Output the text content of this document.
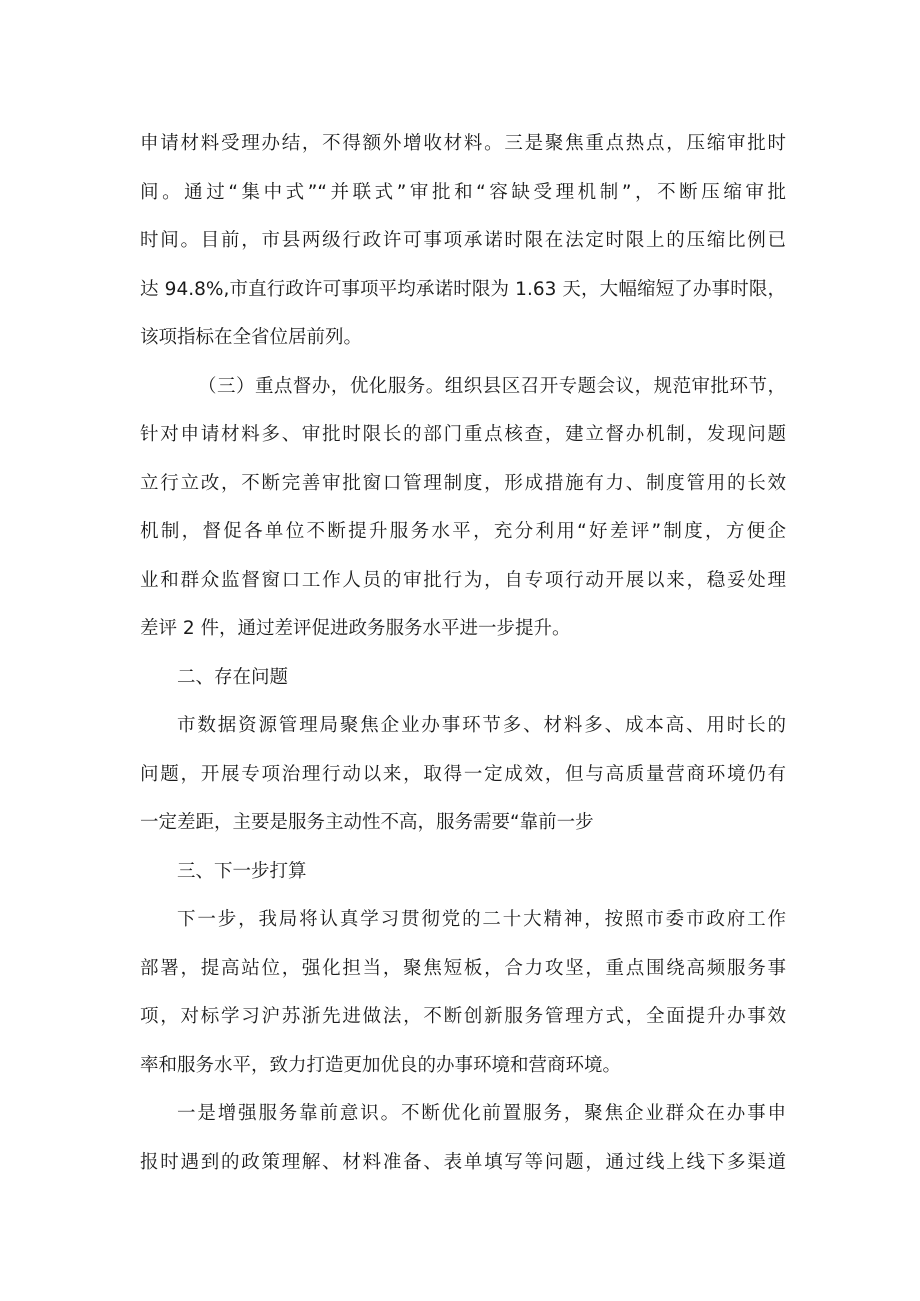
申请材料受理办结，不得额外增收材料。三是聚焦重点热点，压缩审批时
间。通过“集中式”“并联式”审批和“容缺受理机制”，不断压缩审批
时间。目前，市县两级行政许可事项承诺时限在法定时限上的压缩比例已
达 94.8%,市直行政许可事项平均承诺时限为 1.63 天，大幅缩短了办事时限，
该项指标在全省位居前列。
（三）重点督办，优化服务。组织县区召开专题会议，规范审批环节，
针对申请材料多、审批时限长的部门重点核查，建立督办机制，发现问题
立行立改，不断完善审批窗口管理制度，形成措施有力、制度管用的长效
机制，督促各单位不断提升服务水平，充分利用“好差评”制度，方便企
业和群众监督窗口工作人员的审批行为，自专项行动开展以来，稳妥处理
差评 2 件，通过差评促进政务服务水平进一步提升。
二、存在问题
市数据资源管理局聚焦企业办事环节多、材料多、成本高、用时长的
问题，开展专项治理行动以来，取得一定成效，但与高质量营商环境仍有
一定差距，主要是服务主动性不高，服务需要“靠前一步
三、下一步打算
下一步，我局将认真学习贯彻党的二十大精神，按照市委市政府工作
部署，提高站位，强化担当，聚焦短板，合力攻坚，重点围绕高频服务事
项，对标学习沪苏浙先进做法，不断创新服务管理方式，全面提升办事效
率和服务水平，致力打造更加优良的办事环境和营商环境。
一是增强服务靠前意识。不断优化前置服务，聚焦企业群众在办事申
报时遇到的政策理解、材料准备、表单填写等问题，通过线上线下多渠道
